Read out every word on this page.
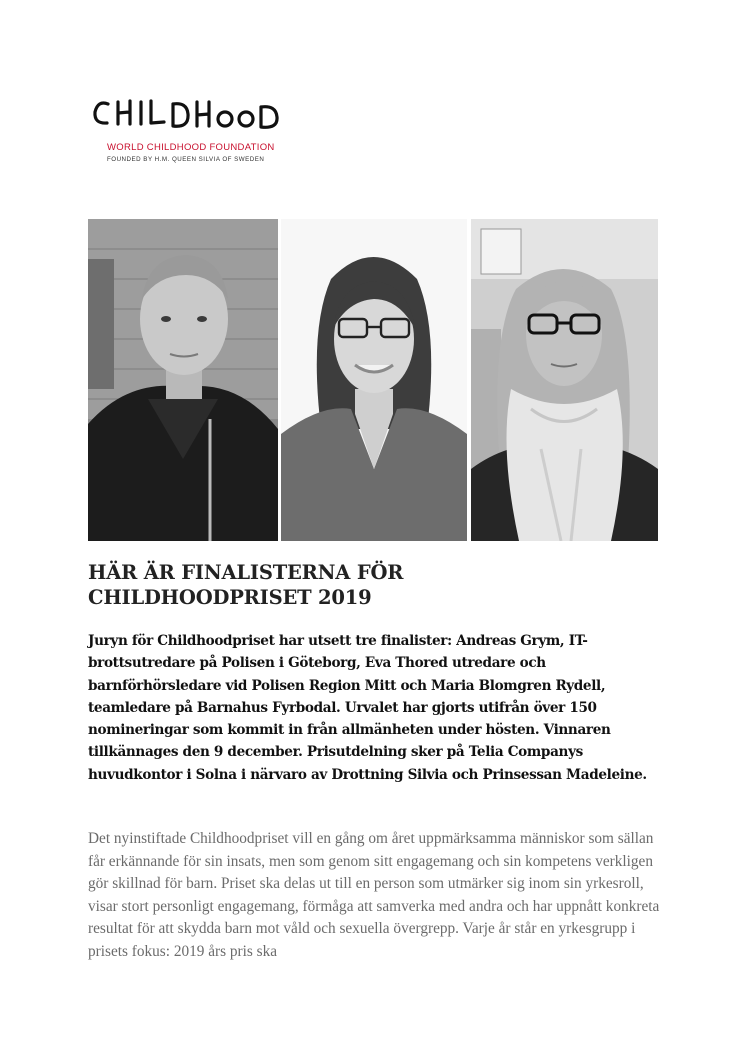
WORLD CHILDHOOD FOUNDATION
FOUNDED BY H.M. QUEEN SILVIA OF SWEDEN
HÄR ÄR FINALISTERNA FÖR
CHILDHOODPRISET 2019

Juryn för Childhoodpriset har utsett tre finalister: Andreas Grym, IT-brottsutredare på Polisen i Göteborg, Eva Thored utredare och barnförhörsledare vid Polisen Region Mitt och Maria Blomgren Rydell, teamledare på Barnahus Fyrbodal. Urvalet har gjorts utifrån över 150 nomineringar som kommit in från allmänheten under hösten. Vinnaren tillkännages den 9 december. Prisutdelning sker på Telia Companys huvudkontor i Solna i närvaro av Drottning Silvia och Prinsessan Madeleine.

Det nyinstiftade Childhoodpriset vill en gång om året uppmärksamma människor som sällan får erkännande för sin insats, men som genom sitt engagemang och sin kompetens verkligen gör skillnad för barn. Priset ska delas ut till en person som utmärker sig inom sin yrkesroll, visar stort personligt engagemang, förmåga att samverka med andra och har uppnått konkreta resultat för att skydda barn mot våld och sexuella övergrepp. Varje år står en yrkesgrupp i prisets fokus: 2019 års pris ska
